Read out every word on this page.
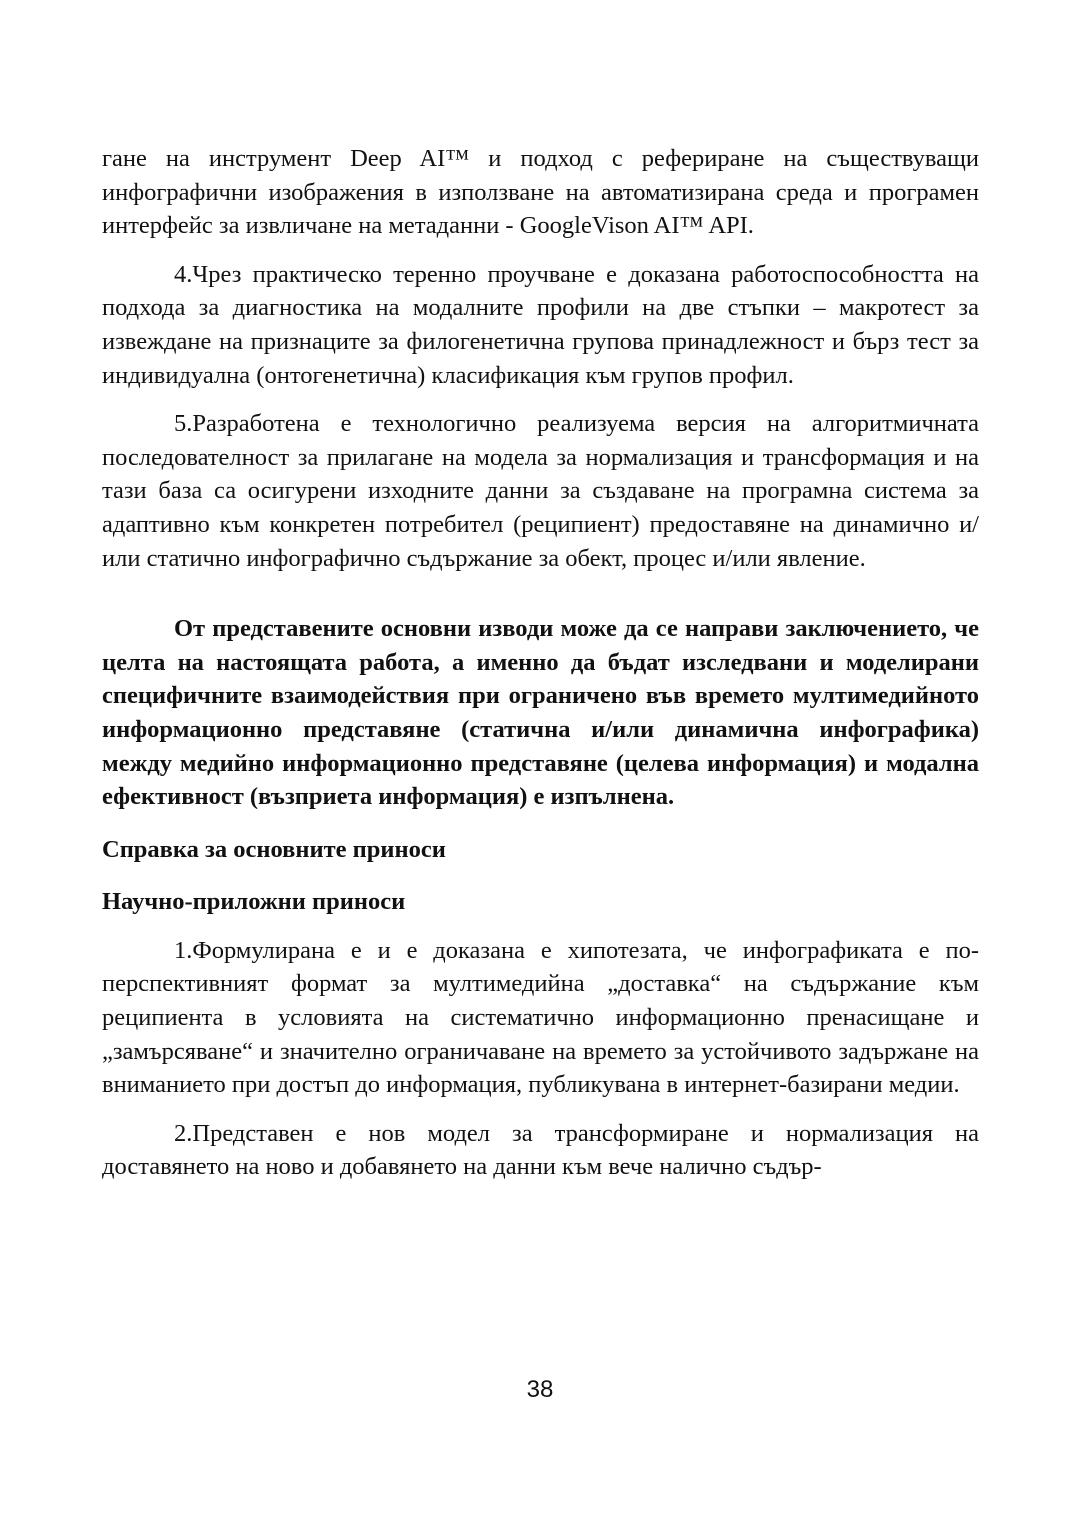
гане на инструмент Deep AI™ и подход с рефериране на съществуващи инфографични изображения в използване на автоматизирана среда и програмен интерфейс за извличане на метаданни - GoogleVison AI™ API.

4.Чрез практическо теренно проучване е доказана работоспособността на подхода за диагностика на модалните профили на две стъпки – макротест за извеждане на признаците за филогенетична групова принадлежност и бърз тест за индивидуална (онтогенетична) класификация към групов профил.

5.Разработена е технологично реализуема версия на алгоритмичната последователност за прилагане на модела за нормализация и трансформация и на тази база са осигурени изходните данни за създаване на програмна система за адаптивно към конкретен потребител (реципиент) предоставяне на динамично и/или статично инфографично съдържание за обект, процес и/или явление.

От представените основни изводи може да се направи заключението, че целта на настоящата работа, а именно да бъдат изследвани и моделирани специфичните взаимодействия при ограничено във времето мултимедийното информационно представяне (статична и/или динамична инфографика) между медийно информационно представяне (целева информация) и модална ефективност (възприета информация) е изпълнена.

Справка за основните приноси

Научно-приложни приноси

1.Формулирана е и е доказана е хипотезата, че инфографиката е по-перспективният формат за мултимедийна „доставка“ на съдържание към реципиента в условията на систематично информационно пренасищане и „замърсяване“ и значително ограничаване на времето за устойчивото задържане на вниманието при достъп до информация, публикувана в интернет-базирани медии.

2.Представен е нов модел за трансформиране и нормализация на доставянето на ново и добавянето на данни към вече налично съдър-

38
